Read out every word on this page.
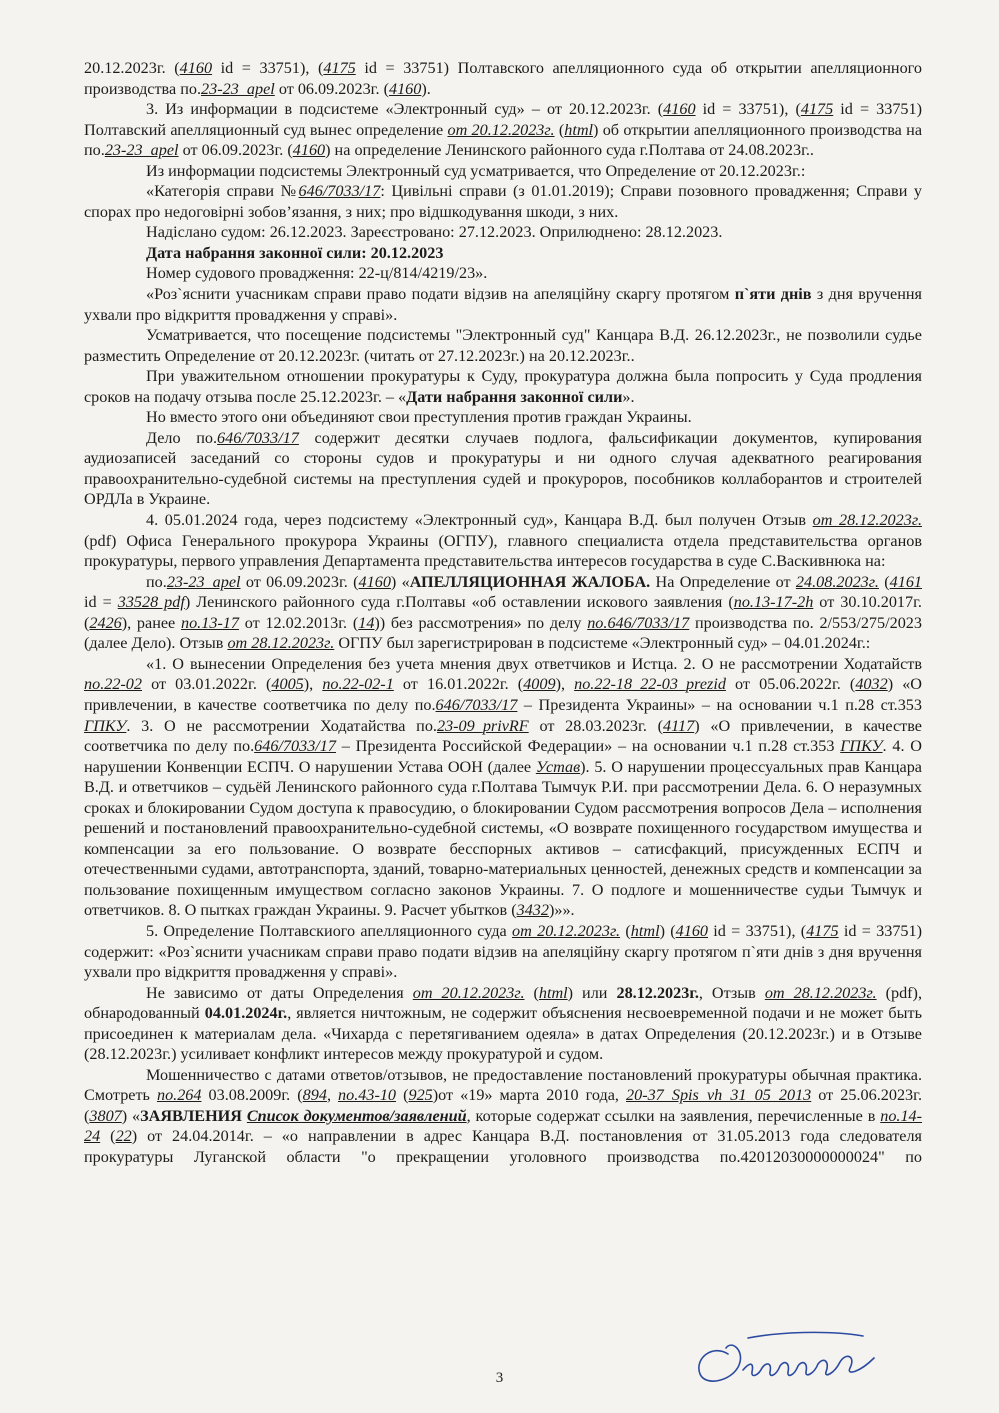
20.12.2023г. (4160 id = 33751), (4175 id = 33751) Полтавского апелляционного суда об открытии апелляционного производства по.23-23_apel от 06.09.2023г. (4160).

3. Из информации в подсистеме «Электронный суд» – от 20.12.2023г. (4160 id = 33751), (4175 id = 33751) Полтавский апелляционный суд вынес определение от 20.12.2023г. (html) об открытии апелляционного производства на по.23-23_apel от 06.09.2023г. (4160) на определение Ленинского районного суда г.Полтава от 24.08.2023г..

Из информации подсистемы Электронный суд усматривается, что Определение от 20.12.2023г.:

«Категорія справи №646/7033/17: Цивільні справи (з 01.01.2019); Справи позовного провадження; Справи у спорах про недоговірні зобов’язання, з них; про відшкодування шкоди, з них.

Надіслано судом: 26.12.2023. Зареєстровано: 27.12.2023. Оприлюднено: 28.12.2023.

Дата набрання законної сили: 20.12.2023

Номер судового провадження: 22-ц/814/4219/23».

«Роз`яснити учасникам справи право подати відзив на апеляційну скаргу протягом п`яти днів з дня вручення ухвали про відкриття провадження у справі».

Усматривается, что посещение подсистемы "Электронный суд" Канцара В.Д. 26.12.2023г., не позволили судье разместить Определение от 20.12.2023г. (читать от 27.12.2023г.) на 20.12.2023г..

При уважительном отношении прокуратуры к Суду, прокуратура должна была попросить у Суда продления сроков на подачу отзыва после 25.12.2023г. – «Дати набрання законної сили».

Но вместо этого они объединяют свои преступления против граждан Украины.

Дело по.646/7033/17 содержит десятки случаев подлога, фальсификации документов, купирования аудиозаписей заседаний со стороны судов и прокуратуры и ни одного случая адекватного реагирования правоохранительно-судебной системы на преступления судей и прокуроров, пособников коллаборантов и строителей ОРДЛа в Украине.

4. 05.01.2024 года, через подсистему «Электронный суд», Канцара В.Д. был получен Отзыв от 28.12.2023г. (pdf) Офиса Генерального прокурора Украины (ОГПУ), главного специалиста отдела представительства органов прокуратуры, первого управления Департамента представительства интересов государства в суде С.Васкивнюка на:

по.23-23_apel от 06.09.2023г. (4160) «АПЕЛЛЯЦИОННАЯ ЖАЛОБА. На Определение от 24.08.2023г. (4161 id = 33528 pdf) Ленинского районного суда г.Полтавы «об оставлении искового заявления (по.13-17-2h от 30.10.2017г. (2426), ранее по.13-17 от 12.02.2013г. (14)) без рассмотрения» по делу по.646/7033/17 производства по. 2/553/275/2023 (далее Дело). Отзыв от 28.12.2023г. ОГПУ был зарегистрирован в подсистеме «Электронный суд» – 04.01.2024г.:

«1. О вынесении Определения без учета мнения двух ответчиков и Истца. 2. О не рассмотрении Ходатайств по.22-02 от 03.01.2022г. (4005), по.22-02-1 от 16.01.2022г. (4009), по.22-18_22-03_prezid от 05.06.2022г. (4032) «О привлечении, в качестве соответчика по делу по.646/7033/17 – Президента Украины» – на основании ч.1 п.28 ст.353 ГПКУ. 3. О не рассмотрении Ходатайства по.23-09_privRF от 28.03.2023г. (4117) «О привлечении, в качестве соответчика по делу по.646/7033/17 – Президента Российской Федерации» – на основании ч.1 п.28 ст.353 ГПКУ. 4. О нарушении Конвенции ЕСПЧ. О нарушении Устава ООН (далее Устав). 5. О нарушении процессуальных прав Канцара В.Д. и ответчиков – судьёй Ленинского районного суда г.Полтава Тымчук Р.И. при рассмотрении Дела. 6. О неразумных сроках и блокировании Судом доступа к правосудию, о блокировании Судом рассмотрения вопросов Дела – исполнения решений и постановлений правоохранительно-судебной системы, «О возврате похищенного государством имущества и компенсации за его пользование. О возврате бесспорных активов – сатисфакций, присужденных ЕСПЧ и отечественными судами, автотранспорта, зданий, товарно-материальных ценностей, денежных средств и компенсации за пользование похищенным имуществом согласно законов Украины. 7. О подлоге и мошенничестве судьи Тымчук и ответчиков. 8. О пытках граждан Украины. 9. Расчет убытков (3432)»».

5. Определение Полтавскиого апелляционного суда от 20.12.2023г. (html) (4160 id = 33751), (4175 id = 33751) содержит: «Роз`яснити учасникам справи право подати відзив на апеляційну скаргу протягом п`яти днів з дня вручення ухвали про відкриття провадження у справі».

Не зависимо от даты Определения от 20.12.2023г. (html) или 28.12.2023г., Отзыв от 28.12.2023г. (pdf), обнародованный 04.01.2024г., является ничтожным, не содержит объяснения несвоевременной подачи и не может быть присоединен к материалам дела. «Чихарда с перетягиванием одеяла» в датах Определения (20.12.2023г.) и в Отзыве (28.12.2023г.) усиливает конфликт интересов между прокуратурой и судом.

Мошенничество с датами ответов/отзывов, не предоставление постановлений прокуратуры обычная практика. Смотреть по.264 03.08.2009г. (894, по.43-10 (925)от «19» марта 2010 года, 20-37_Spis_vh_31_05_2013 от 25.06.2023г. (3807) «ЗАЯВЛЕНИЯ Список документов/заявлений, которые содержат ссылки на заявления, перечисленные в по.14-24 (22) от 24.04.2014г. – «о направлении в адрес Канцара В.Д. постановления от 31.05.2013 года следователя прокуратуры Луганской области "о прекращении уголовного производства по.42012030000000024" по

3
